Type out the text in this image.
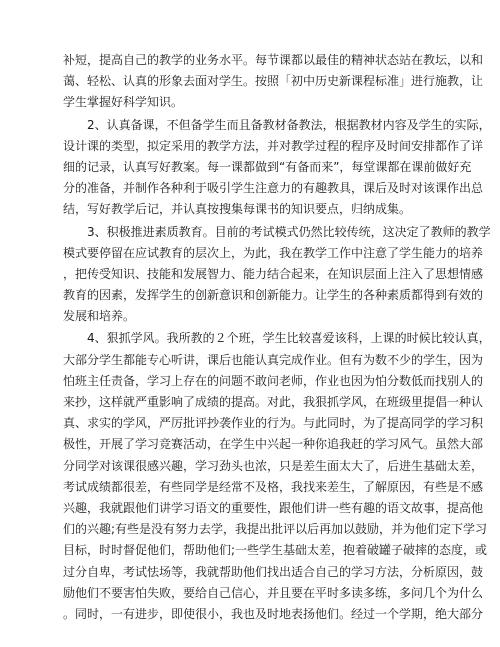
补短，提高自己的教学的业务水平。每节课都以最佳的精神状态站在教坛，以和
蔼、轻松、认真的形象去面对学生。按照「初中历史新课程标准」进行施教，让
学生掌握好科学知识。
2、认真备课，不但备学生而且备教材备教法，根据教材内容及学生的实际，
设计课的类型，拟定采用的教学方法，并对教学过程的程序及时间安排都作了详
细的记录，认真写好教案。每一课都做到“有备而来”，每堂课都在课前做好充
分的准备，并制作各种利于吸引学生注意力的有趣教具，课后及时对该课作出总
结，写好教学后记，并认真按搜集每课书的知识要点，归纳成集。
3、积极推进素质教育。目前的考试模式仍然比较传统，这决定了教师的教学
模式要停留在应试教育的层次上，为此，我在教学工作中注意了学生能力的培养
，把传受知识、技能和发展智力、能力结合起来，在知识层面上注入了思想情感
教育的因素，发挥学生的创新意识和创新能力。让学生的各种素质都得到有效的
发展和培养。
4、狠抓学风。我所教的２个班，学生比较喜爱该科，上课的时候比较认真，
大部分学生都能专心听讲，课后也能认真完成作业。但有为数不少的学生，因为
怕班主任责备，学习上存在的问题不敢问老师，作业也因为怕分数低而找别人的
来抄，这样就严重影响了成绩的提高。对此，我狠抓学风，在班级里提倡一种认
真、求实的学风，严厉批评抄袭作业的行为。与此同时，为了提高同学的学习积
极性，开展了学习竞赛活动，在学生中兴起一种你追我赶的学习风气。虽然大部
分同学对该课很感兴趣，学习劲头也浓，只是差生面太大了，后进生基础太差，
考试成绩都很差，有些同学是经常不及格，我找来差生，了解原因，有些是不感
兴趣，我就跟他们讲学习语文的重要性，跟他们讲一些有趣的语文故事，提高他
们的兴趣;有些是没有努力去学，我提出批评以后再加以鼓励，并为他们定下学习
目标，时时督促他们，帮助他们;一些学生基础太差，抱着破罐子破摔的态度，或
过分自卑，考试怯场等，我就帮助他们找出适合自己的学习方法，分析原因，鼓
励他们不要害怕失败，要给自己信心，并且要在平时多读多练，多问几个为什么
。同时，一有进步，即使很小，我也及时地表扬他们。经过一个学期，绝大部分
